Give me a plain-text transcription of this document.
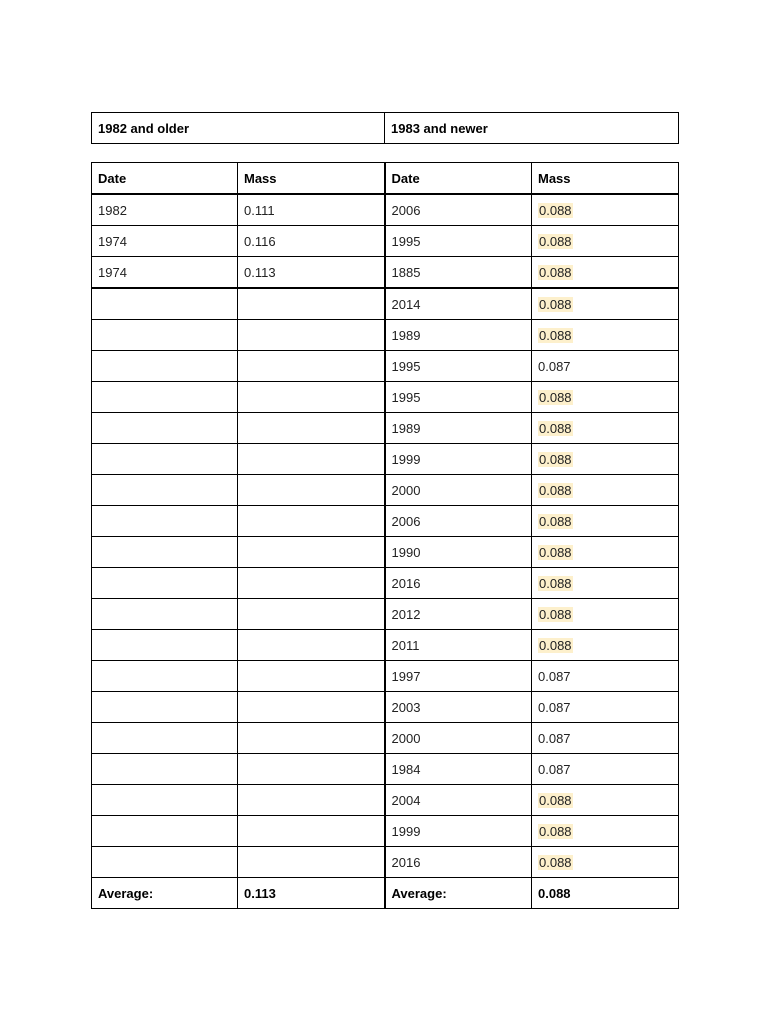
1982 and older	1983 and newer
Date	Mass	Date	Mass
1982	0.111	2006	0.088
1974	0.116	1995	0.088
1974	0.113	1885	0.088
		2014	0.088
		1989	0.088
		1995	0.087
		1995	0.088
		1989	0.088
		1999	0.088
		2000	0.088
		2006	0.088
		1990	0.088
		2016	0.088
		2012	0.088
		2011	0.088
		1997	0.087
		2003	0.087
		2000	0.087
		1984	0.087
		2004	0.088
		1999	0.088
		2016	0.088
Average:	0.113	Average:	0.088
